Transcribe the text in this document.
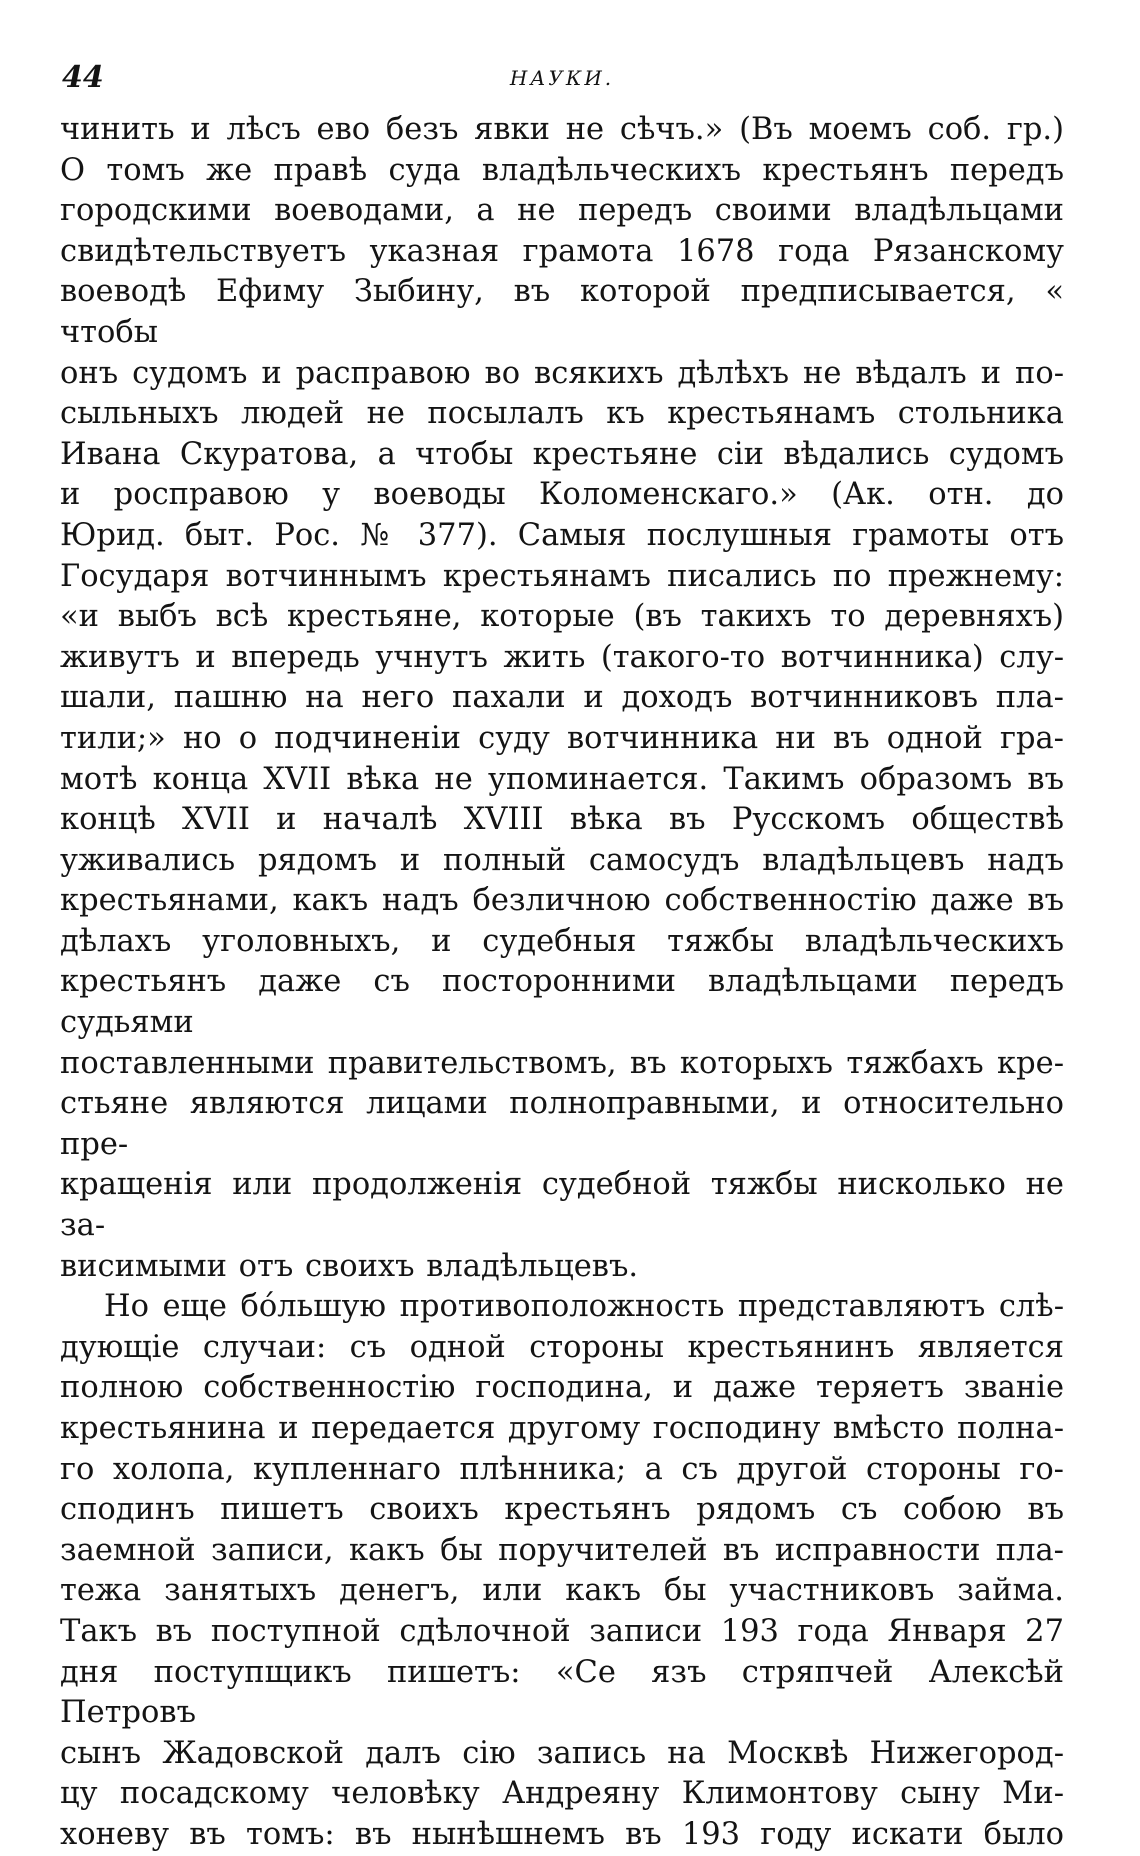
44	НАУКИ.

чинить и лѣсъ ево безъ явки не сѣчъ.» (Въ моемъ соб. гр.)

О томъ же правѣ суда владѣльческихъ крестьянъ передъ

городскими воеводами, а не передъ своими владѣльцами

свидѣтельствуетъ указная грамота 1678 года Рязанскому

воеводѣ Ефиму Зыбину, въ которой предписывается, « чтобы

онъ судомъ и расправою во всякихъ дѣлѣхъ не вѣдалъ и по-

сыльныхъ людей не посылалъ къ крестьянамъ стольника

Ивана Скуратова, а чтобы крестьяне сіи вѣдались судомъ

и росправою у воеводы Коломенскаго.» (Ак. отн. до

Юрид. быт. Рос. № 377). Самыя послушныя грамоты отъ

Государя вотчиннымъ крестьянамъ писались по прежнему:

«и выбъ всѣ крестьяне, которые (въ такихъ то деревняхъ)

живутъ и впередь учнутъ жить (такого-то вотчинника) слу-

шали, пашню на него пахали и доходъ вотчинниковъ пла-

тили;» но о подчиненіи суду вотчинника ни въ одной гра-

мотѣ конца XVII вѣка не упоминается. Такимъ образомъ въ

концѣ XVII и началѣ XVIII вѣка въ Русскомъ обществѣ

уживались рядомъ и полный самосудъ владѣльцевъ надъ

крестьянами, какъ надъ безличною собственностію даже въ

дѣлахъ уголовныхъ, и судебныя тяжбы владѣльческихъ

крестьянъ даже съ посторонними владѣльцами передъ судьями

поставленными правительствомъ, въ которыхъ тяжбахъ кре-

стьяне являются лицами полноправными, и относительно пре-

кращенія или продолженія судебной тяжбы нисколько не за-

висимыми отъ своихъ владѣльцевъ.

Но еще бо́льшую противоположность представляютъ слѣ-

дующіе случаи: съ одной стороны крестьянинъ является

полною собственностію господина, и даже теряетъ званіе

крестьянина и передается другому господину вмѣсто полна-

го холопа, купленнаго плѣнника; а съ другой стороны го-

сподинъ пишетъ своихъ крестьянъ рядомъ съ собою въ

заемной записи, какъ бы поручителей въ исправности пла-

тежа занятыхъ денегъ, или какъ бы участниковъ займа.

Такъ въ поступной сдѣлочной записи 193 года Января 27

дня поступщикъ пишетъ: «Се язъ стряпчей Алексѣй Петровъ

сынъ Жадовской далъ сію запись на Москвѣ Нижегород-

цу посадскому человѣку Андреяну Климонтову сыну Ми-

хоневу въ томъ: въ нынѣшнемъ въ 193 году искати было
